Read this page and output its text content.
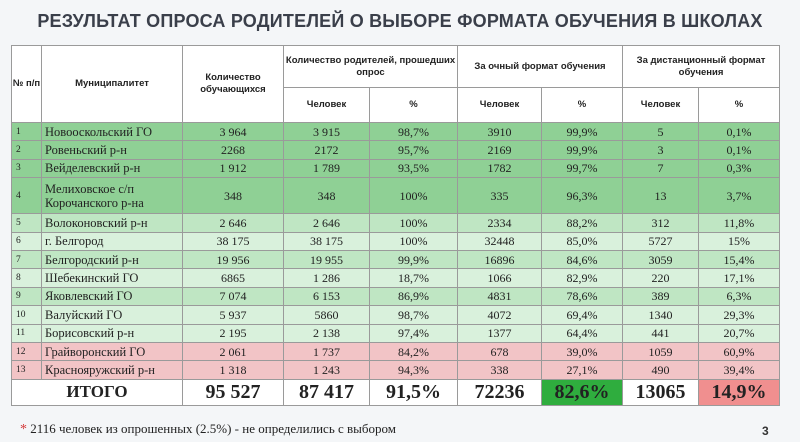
РЕЗУЛЬТАТ ОПРОСА РОДИТЕЛЕЙ О ВЫБОРЕ ФОРМАТА ОБУЧЕНИЯ В ШКОЛАХ
№ п/п	Муниципалитет	Количество обучающихся	Количество родителей, прошедших опрос		За очный формат обучения		За дистанционный формат обучения	
			Человек	%	Человек	%	Человек	%
1	Новооскольский ГО	3 964	3 915	98,7%	3910	99,9%	5	0,1%
2	Ровеньский р-н	2268	2172	95,7%	2169	99,9%	3	0,1%
3	Вейделевский р-н	1 912	1 789	93,5%	1782	99,7%	7	0,3%
4	Мелиховское с/п Корочанского р-на	348	348	100%	335	96,3%	13	3,7%
5	Волоконовский р-н	2 646	2 646	100%	2334	88,2%	312	11,8%
6	г. Белгород	38 175	38 175	100%	32448	85,0%	5727	15%
7	Белгородский р-н	19 956	19 955	99,9%	16896	84,6%	3059	15,4%
8	Шебекинский ГО	6865	1 286	18,7%	1066	82,9%	220	17,1%
9	Яковлевский ГО	7 074	6 153	86,9%	4831	78,6%	389	6,3%
10	Валуйский ГО	5 937	5860	98,7%	4072	69,4%	1340	29,3%
11	Борисовский р-н	2 195	2 138	97,4%	1377	64,4%	441	20,7%
12	Грайворонский ГО	2 061	1 737	84,2%	678	39,0%	1059	60,9%
13	Краснояружский р-н	1 318	1 243	94,3%	338	27,1%	490	39,4%
ИТОГО		95 527	87 417	91,5%	72236	82,6%	13065	14,9%
* 2116 человек из опрошенных (2.5%) - не определились с выбором	3
